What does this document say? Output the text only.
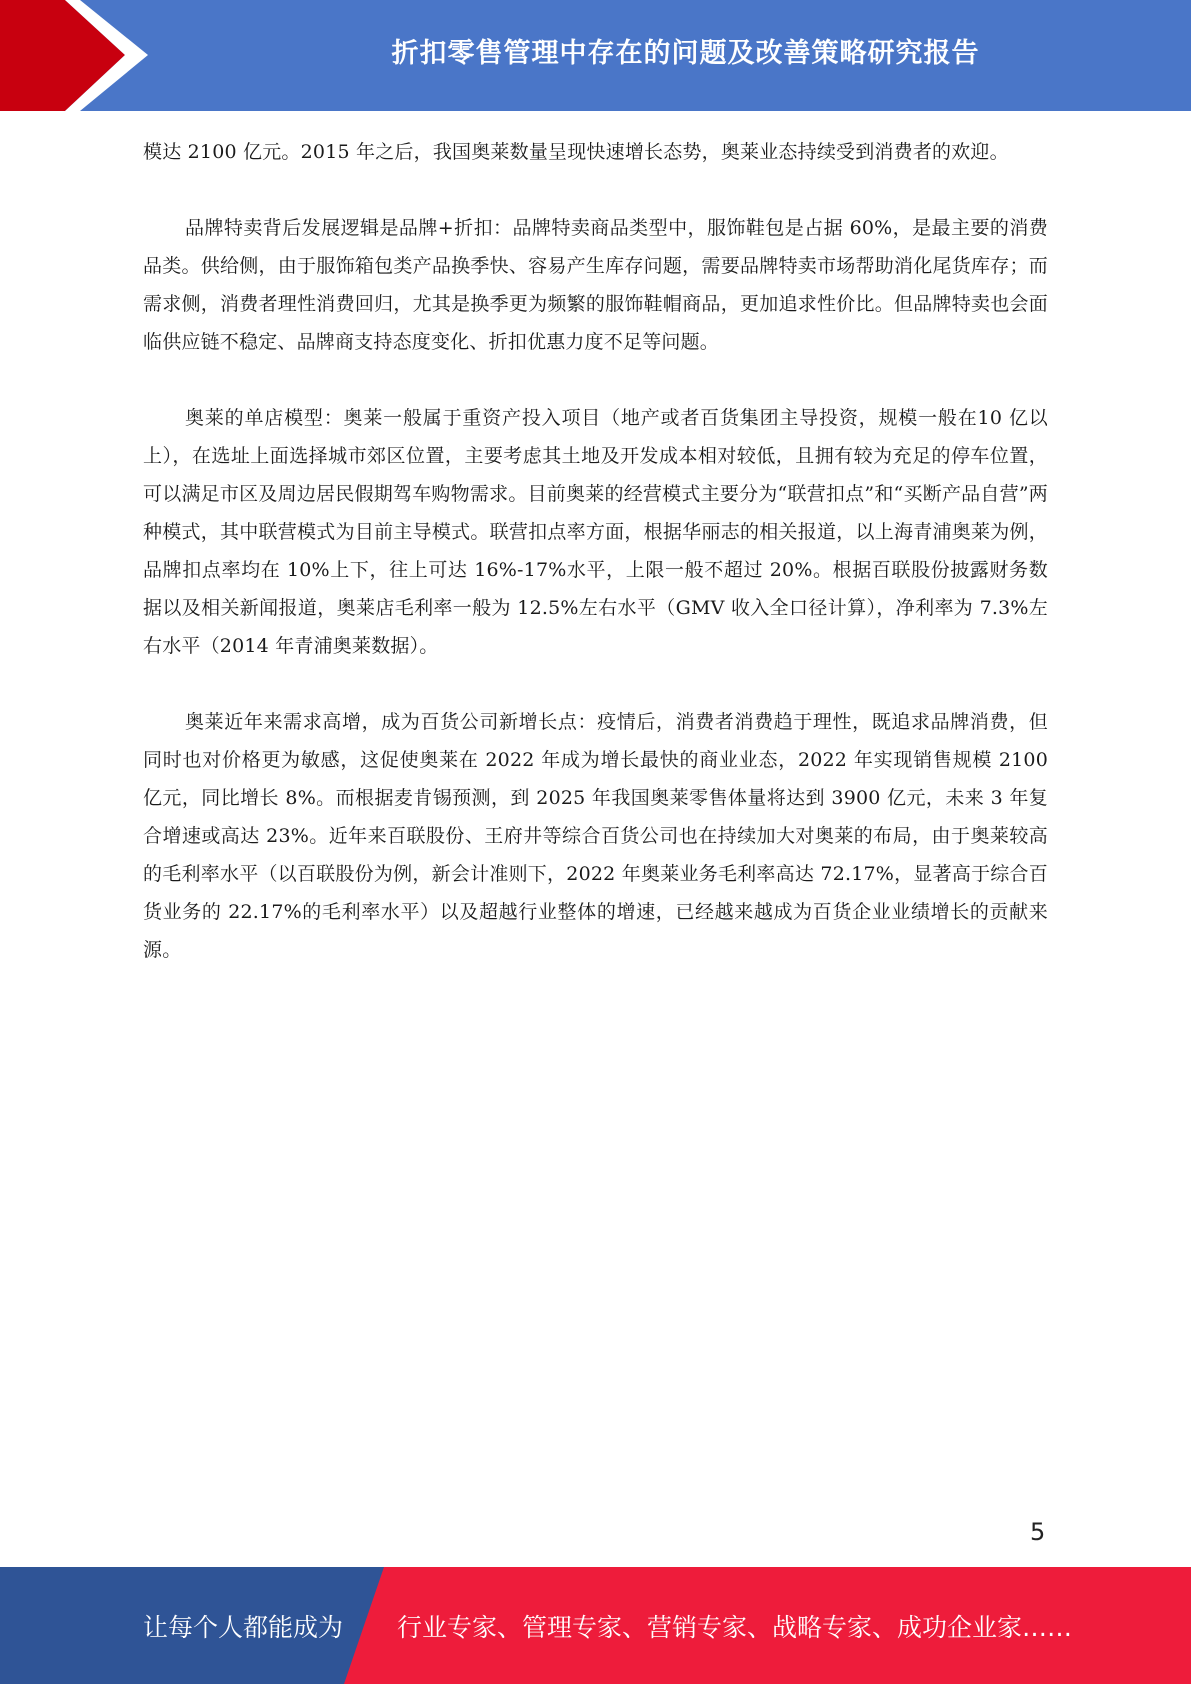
折扣零售管理中存在的问题及改善策略研究报告

模达 2100 亿元。2015 年之后，我国奥莱数量呈现快速增长态势，奥莱业态持续受到消费者的欢迎。

品牌特卖背后发展逻辑是品牌+折扣：品牌特卖商品类型中，服饰鞋包是占据 60%，是最主要的消费品类。供给侧，由于服饰箱包类产品换季快、容易产生库存问题，需要品牌特卖市场帮助消化尾货库存；而需求侧，消费者理性消费回归，尤其是换季更为频繁的服饰鞋帽商品，更加追求性价比。但品牌特卖也会面临供应链不稳定、品牌商支持态度变化、折扣优惠力度不足等问题。

奥莱的单店模型：奥莱一般属于重资产投入项目（地产或者百货集团主导投资，规模一般在10 亿以上），在选址上面选择城市郊区位置，主要考虑其土地及开发成本相对较低，且拥有较为充足的停车位置，可以满足市区及周边居民假期驾车购物需求。目前奥莱的经营模式主要分为“联营扣点”和“买断产品自营”两种模式，其中联营模式为目前主导模式。联营扣点率方面，根据华丽志的相关报道，以上海青浦奥莱为例，品牌扣点率均在 10%上下，往上可达 16%-17%水平，上限一般不超过 20%。根据百联股份披露财务数据以及相关新闻报道，奥莱店毛利率一般为 12.5%左右水平（GMV 收入全口径计算），净利率为 7.3%左右水平（2014 年青浦奥莱数据）。

奥莱近年来需求高增，成为百货公司新增长点：疫情后，消费者消费趋于理性，既追求品牌消费，但同时也对价格更为敏感，这促使奥莱在 2022 年成为增长最快的商业业态，2022 年实现销售规模 2100 亿元，同比增长 8%。而根据麦肯锡预测，到 2025 年我国奥莱零售体量将达到 3900 亿元，未来 3 年复合增速或高达 23%。近年来百联股份、王府井等综合百货公司也在持续加大对奥莱的布局，由于奥莱较高的毛利率水平（以百联股份为例，新会计准则下，2022 年奥莱业务毛利率高达 72.17%，显著高于综合百货业务的 22.17%的毛利率水平）以及超越行业整体的增速，已经越来越成为百货企业业绩增长的贡献来源。

5
让每个人都能成为 行业专家、管理专家、营销专家、战略专家、成功企业家……
